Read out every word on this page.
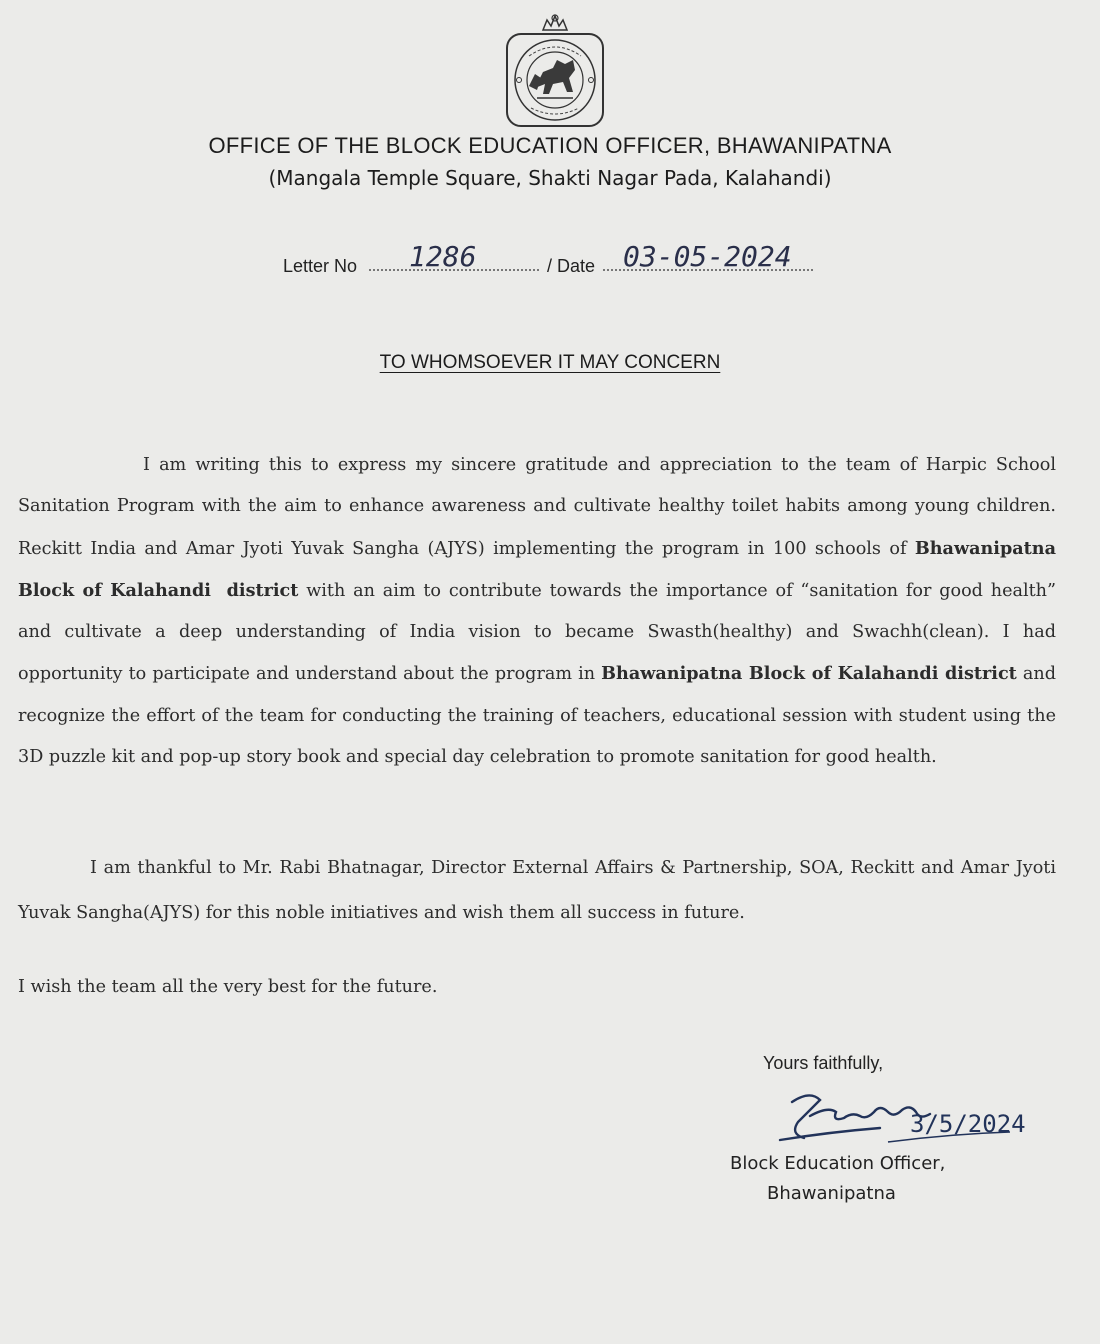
OFFICE OF THE BLOCK EDUCATION OFFICER, BHAWANIPATNA
(Mangala Temple Square, Shakti Nagar Pada, Kalahandi)
Letter No 1286	/ Date 03-05-2024
TO WHOMSOEVER IT MAY CONCERN
I am writing this to express my sincere gratitude and appreciation to the team of Harpic School Sanitation Program with the aim to enhance awareness and cultivate healthy toilet habits among young children. Reckitt India and Amar Jyoti Yuvak Sangha (AJYS) implementing the program in 100 schools of Bhawanipatna Block of Kalahandi district with an aim to contribute towards the importance of “sanitation for good health” and cultivate a deep understanding of India vision to became Swasth(healthy) and Swachh(clean). I had opportunity to participate and understand about the program in Bhawanipatna Block of Kalahandi district and recognize the effort of the team for conducting the training of teachers, educational session with student using the 3D puzzle kit and pop-up story book and special day celebration to promote sanitation for good health.
I am thankful to Mr. Rabi Bhatnagar, Director External Affairs & Partnership, SOA, Reckitt and Amar Jyoti Yuvak Sangha(AJYS) for this noble initiatives and wish them all success in future.
I wish the team all the very best for the future.
Yours faithfully,
3/5/2024
Block Education Officer,
Bhawanipatna
